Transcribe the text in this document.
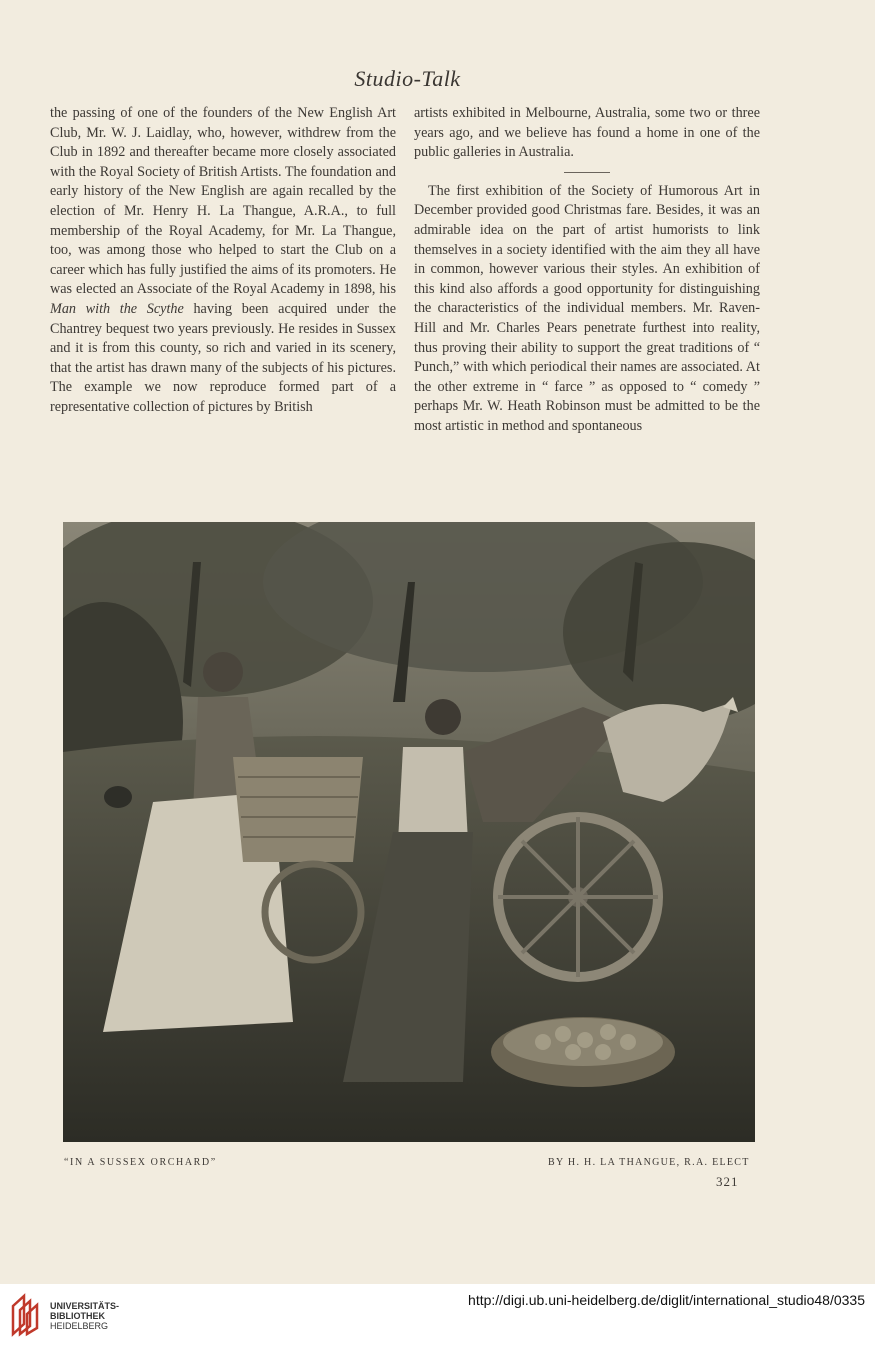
Studio-Talk

the passing of one of the founders of the New English Art Club, Mr. W. J. Laidlay, who, however, withdrew from the Club in 1892 and thereafter became more closely associated with the Royal Society of British Artists. The foundation and early history of the New English are again recalled by the election of Mr. Henry H. La Thangue, A.R.A., to full membership of the Royal Academy, for Mr. La Thangue, too, was among those who helped to start the Club on a career which has fully justified the aims of its promoters. He was elected an Associate of the Royal Academy in 1898, his Man with the Scythe having been acquired under the Chantrey bequest two years previously. He resides in Sussex and it is from this county, so rich and varied in its scenery, that the artist has drawn many of the subjects of his pictures. The example we now reproduce formed part of a representative collection of pictures by British

artists exhibited in Melbourne, Australia, some two or three years ago, and we believe has found a home in one of the public galleries in Australia.

The first exhibition of the Society of Humorous Art in December provided good Christmas fare. Besides, it was an admirable idea on the part of artist humorists to link themselves in a society identified with the aim they all have in common, however various their styles. An exhibition of this kind also affords a good opportunity for distinguishing the characteristics of the individual members. Mr. Raven-Hill and Mr. Charles Pears penetrate furthest into reality, thus proving their ability to support the great traditions of “ Punch,” with which periodical their names are associated. At the other extreme in “ farce ” as opposed to “ comedy ” perhaps Mr. W. Heath Robinson must be admitted to be the most artistic in method and spontaneous

“IN A SUSSEX ORCHARD”	BY H. H. LA THANGUE, R.A. ELECT
321
UNIVERSITÄTS-
BIBLIOTHEK
HEIDELBERG
http://digi.ub.uni-heidelberg.de/diglit/international_studio48/0335
